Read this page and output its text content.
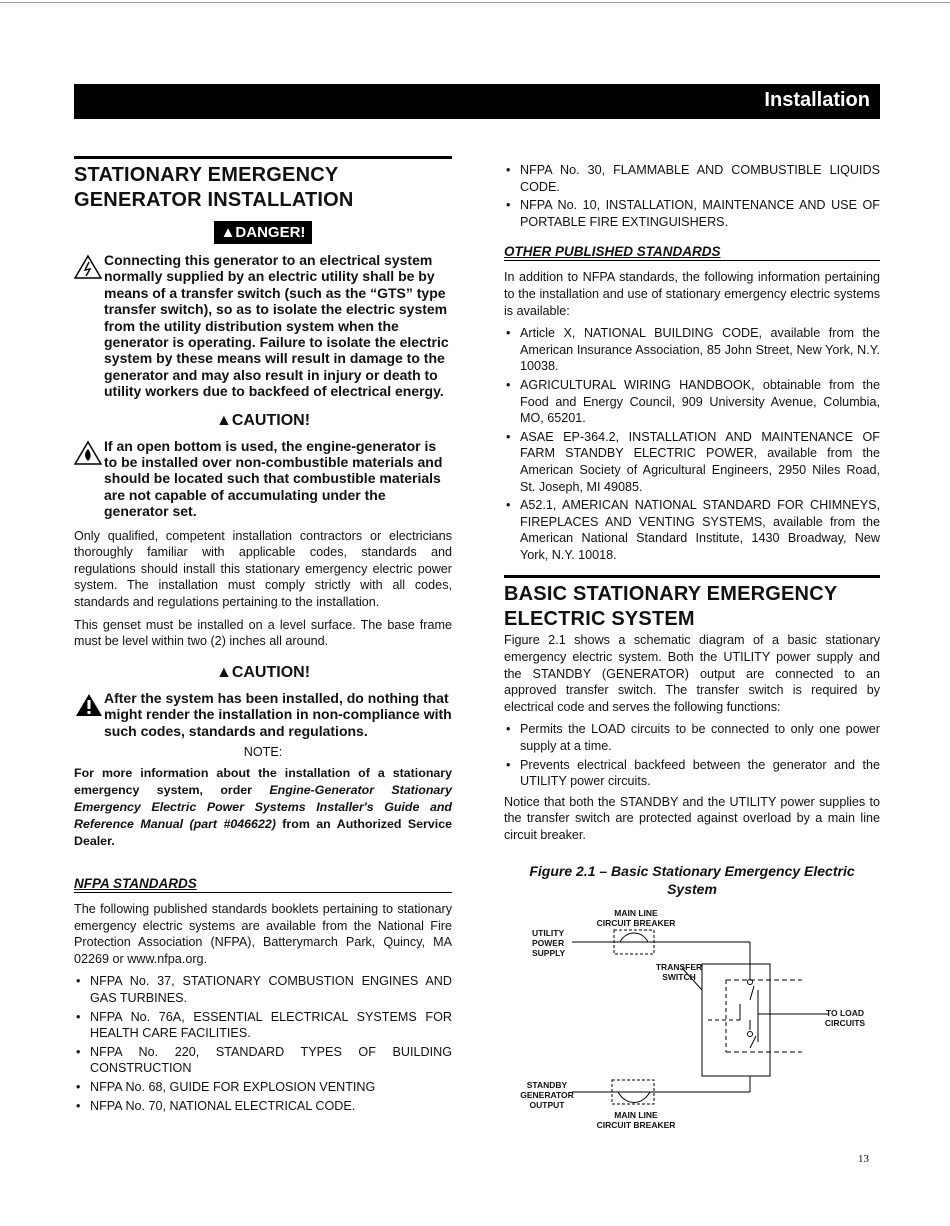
Installation
STATIONARY EMERGENCY
GENERATOR INSTALLATION
▲DANGER!
Connecting this generator to an electrical system normally supplied by an electric utility shall be by means of a transfer switch (such as the “GTS” type transfer switch), so as to isolate the electric system from the utility distribution system when the generator is operating. Failure to isolate the electric system by these means will result in damage to the generator and may also result in injury or death to utility workers due to backfeed of electrical energy.
▲CAUTION!
If an open bottom is used, the engine-generator is to be installed over non-combustible materials and should be located such that combustible materials are not capable of accumulating under the generator set.

Only qualified, competent installation contractors or electricians thoroughly familiar with applicable codes, standards and regulations should install this stationary emergency electric power system. The installation must comply strictly with all codes, standards and regulations pertaining to the installation.

This genset must be installed on a level surface. The base frame must be level within two (2) inches all around.

▲CAUTION!
After the system has been installed, do nothing that might render the installation in non-compliance with such codes, standards and regulations.
NOTE:
For more information about the installation of a stationary emergency system, order Engine-Generator Stationary Emergency Electric Power Systems Installer's Guide and Reference Manual (part #046622) from an Authorized Service Dealer.
NFPA STANDARDS

The following published standards booklets pertaining to stationary emergency electric systems are available from the National Fire Protection Association (NFPA), Batterymarch Park, Quincy, MA 02269 or www.nfpa.org.

• NFPA No. 37, STATIONARY COMBUSTION ENGINES AND GAS TURBINES.
• NFPA No. 76A, ESSENTIAL ELECTRICAL SYSTEMS FOR HEALTH CARE FACILITIES.
• NFPA No. 220, STANDARD TYPES OF BUILDING CONSTRUCTION
• NFPA No. 68, GUIDE FOR EXPLOSION VENTING
• NFPA No. 70, NATIONAL ELECTRICAL CODE.
• NFPA No. 30, FLAMMABLE AND COMBUSTIBLE LIQUIDS CODE.
• NFPA No. 10, INSTALLATION, MAINTENANCE AND USE OF PORTABLE FIRE EXTINGUISHERS.
OTHER PUBLISHED STANDARDS

In addition to NFPA standards, the following information pertaining to the installation and use of stationary emergency electric systems is available:

• Article X, NATIONAL BUILDING CODE, available from the American Insurance Association, 85 John Street, New York, N.Y. 10038.
• AGRICULTURAL WIRING HANDBOOK, obtainable from the Food and Energy Council, 909 University Avenue, Columbia, MO, 65201.
• ASAE EP-364.2, INSTALLATION AND MAINTENANCE OF FARM STANDBY ELECTRIC POWER, available from the American Society of Agricultural Engineers, 2950 Niles Road, St. Joseph, MI 49085.
• A52.1, AMERICAN NATIONAL STANDARD FOR CHIMNEYS, FIREPLACES AND VENTING SYSTEMS, available from the American National Standard Institute, 1430 Broadway, New York, N.Y. 10018.
BASIC STATIONARY EMERGENCY
ELECTRIC SYSTEM

Figure 2.1 shows a schematic diagram of a basic stationary emergency electric system. Both the UTILITY power supply and the STANDBY (GENERATOR) output are connected to an approved transfer switch. The transfer switch is required by electrical code and serves the following functions:

• Permits the LOAD circuits to be connected to only one power supply at a time.
• Prevents electrical backfeed between the generator and the UTILITY power circuits.

Notice that both the STANDBY and the UTILITY power supplies to the transfer switch are protected against overload by a main line circuit breaker.

Figure 2.1 – Basic Stationary Emergency Electric
System
MAIN LINE
CIRCUIT BREAKER
UTILITY
POWER
SUPPLY
TRANSFER
SWITCH
TO LOAD
CIRCUITS
STANDBY
GENERATOR
OUTPUT
MAIN LINE
CIRCUIT BREAKER
13
